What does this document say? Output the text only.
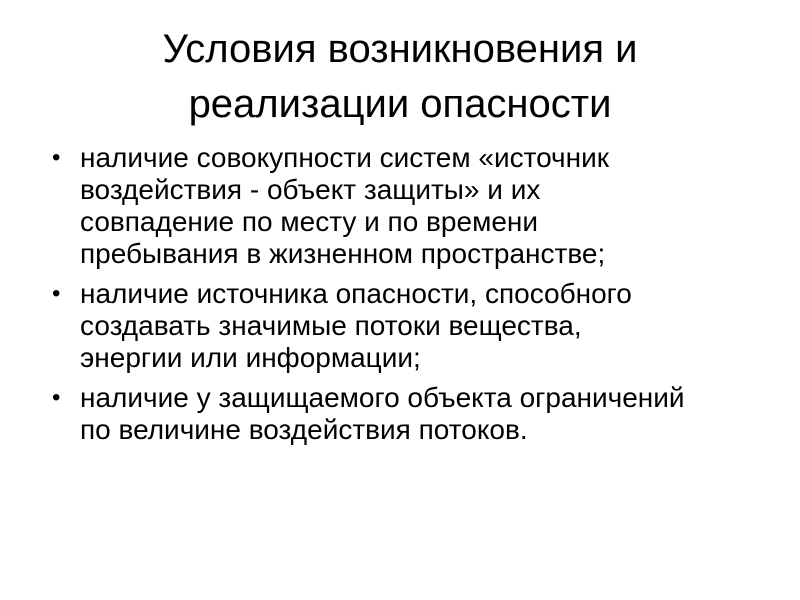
Условия возникновения и
реализации опасности
• наличие совокупности систем «источник
воздействия ‑ объект защиты» и их
совпадение по месту и по времени
пребывания в жизненном пространстве;
• наличие источника опасности, способного
создавать значимые потоки вещества,
энергии или информации;
• наличие у защищаемого объекта ограничений
по величине воздействия потоков.
